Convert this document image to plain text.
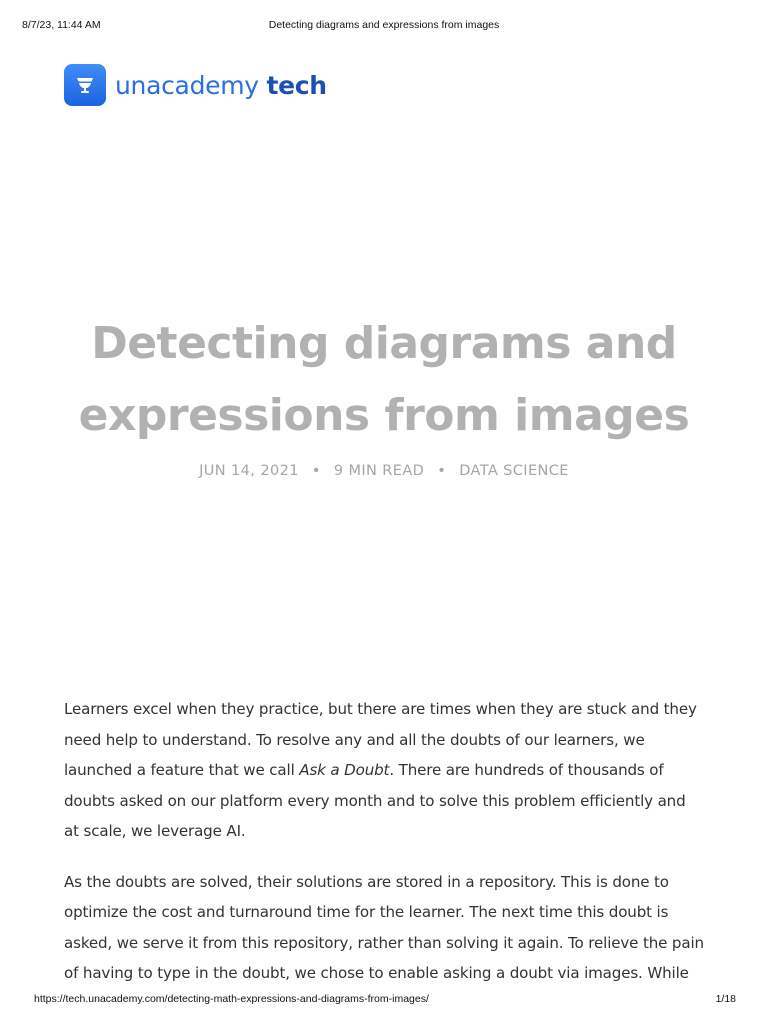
8/7/23, 11:44 AM	Detecting diagrams and expressions from images
unacademy tech
Detecting diagrams and
expressions from images
JUN 14, 2021 • 9 MIN READ • DATA SCIENCE

Learners excel when they practice, but there are times when they are stuck and they need help to understand. To resolve any and all the doubts of our learners, we launched a feature that we call Ask a Doubt. There are hundreds of thousands of doubts asked on our platform every month and to solve this problem efficiently and at scale, we leverage AI.

As the doubts are solved, their solutions are stored in a repository. This is done to optimize the cost and turnaround time for the learner. The next time this doubt is asked, we serve it from this repository, rather than solving it again. To relieve the pain of having to type in the doubt, we chose to enable asking a doubt via images. While

https://tech.unacademy.com/detecting-math-expressions-and-diagrams-from-images/	1/18
